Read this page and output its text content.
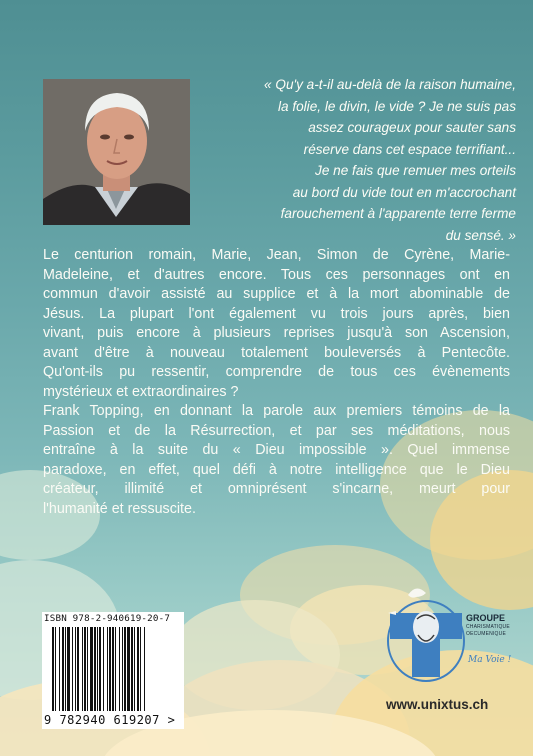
« Qu'y a-t-il au-delà de la raison humaine,
la folie, le divin, le vide ? Je ne suis pas
assez courageux pour sauter sans
réserve dans cet espace terrifiant...
Je ne fais que remuer mes orteils
au bord du vide tout en m'accrochant
farouchement à l'apparente terre ferme
du sensé. »
Le centurion romain, Marie, Jean, Simon de Cyrène, Marie-
Madeleine, et d'autres encore. Tous ces personnages ont en
commun d'avoir assisté au supplice et à la mort abominable de
Jésus. La plupart l'ont également vu trois jours après, bien
vivant, puis encore à plusieurs reprises jusqu'à son Ascension,
avant d'être à nouveau totalement bouleversés à Pentecôte.
Qu'ont-ils pu ressentir, comprendre de tous ces évènements
mystérieux et extraordinaires ?
Frank Topping, en donnant la parole aux premiers témoins de la
Passion et de la Résurrection, et par ses méditations, nous
entraîne à la suite du « Dieu impossible ». Quel immense
paradoxe, en effet, quel défi à notre intelligence que le Dieu
créateur, illimité et omniprésent s'incarne, meurt pour
l'humanité et ressuscite.
ISBN 978-2-940619-20-7
9 782940 619207 >
GROUPE
CHARISMATIQUE
OECUMENIQUE
Ma Voie !
www.unixtus.ch
